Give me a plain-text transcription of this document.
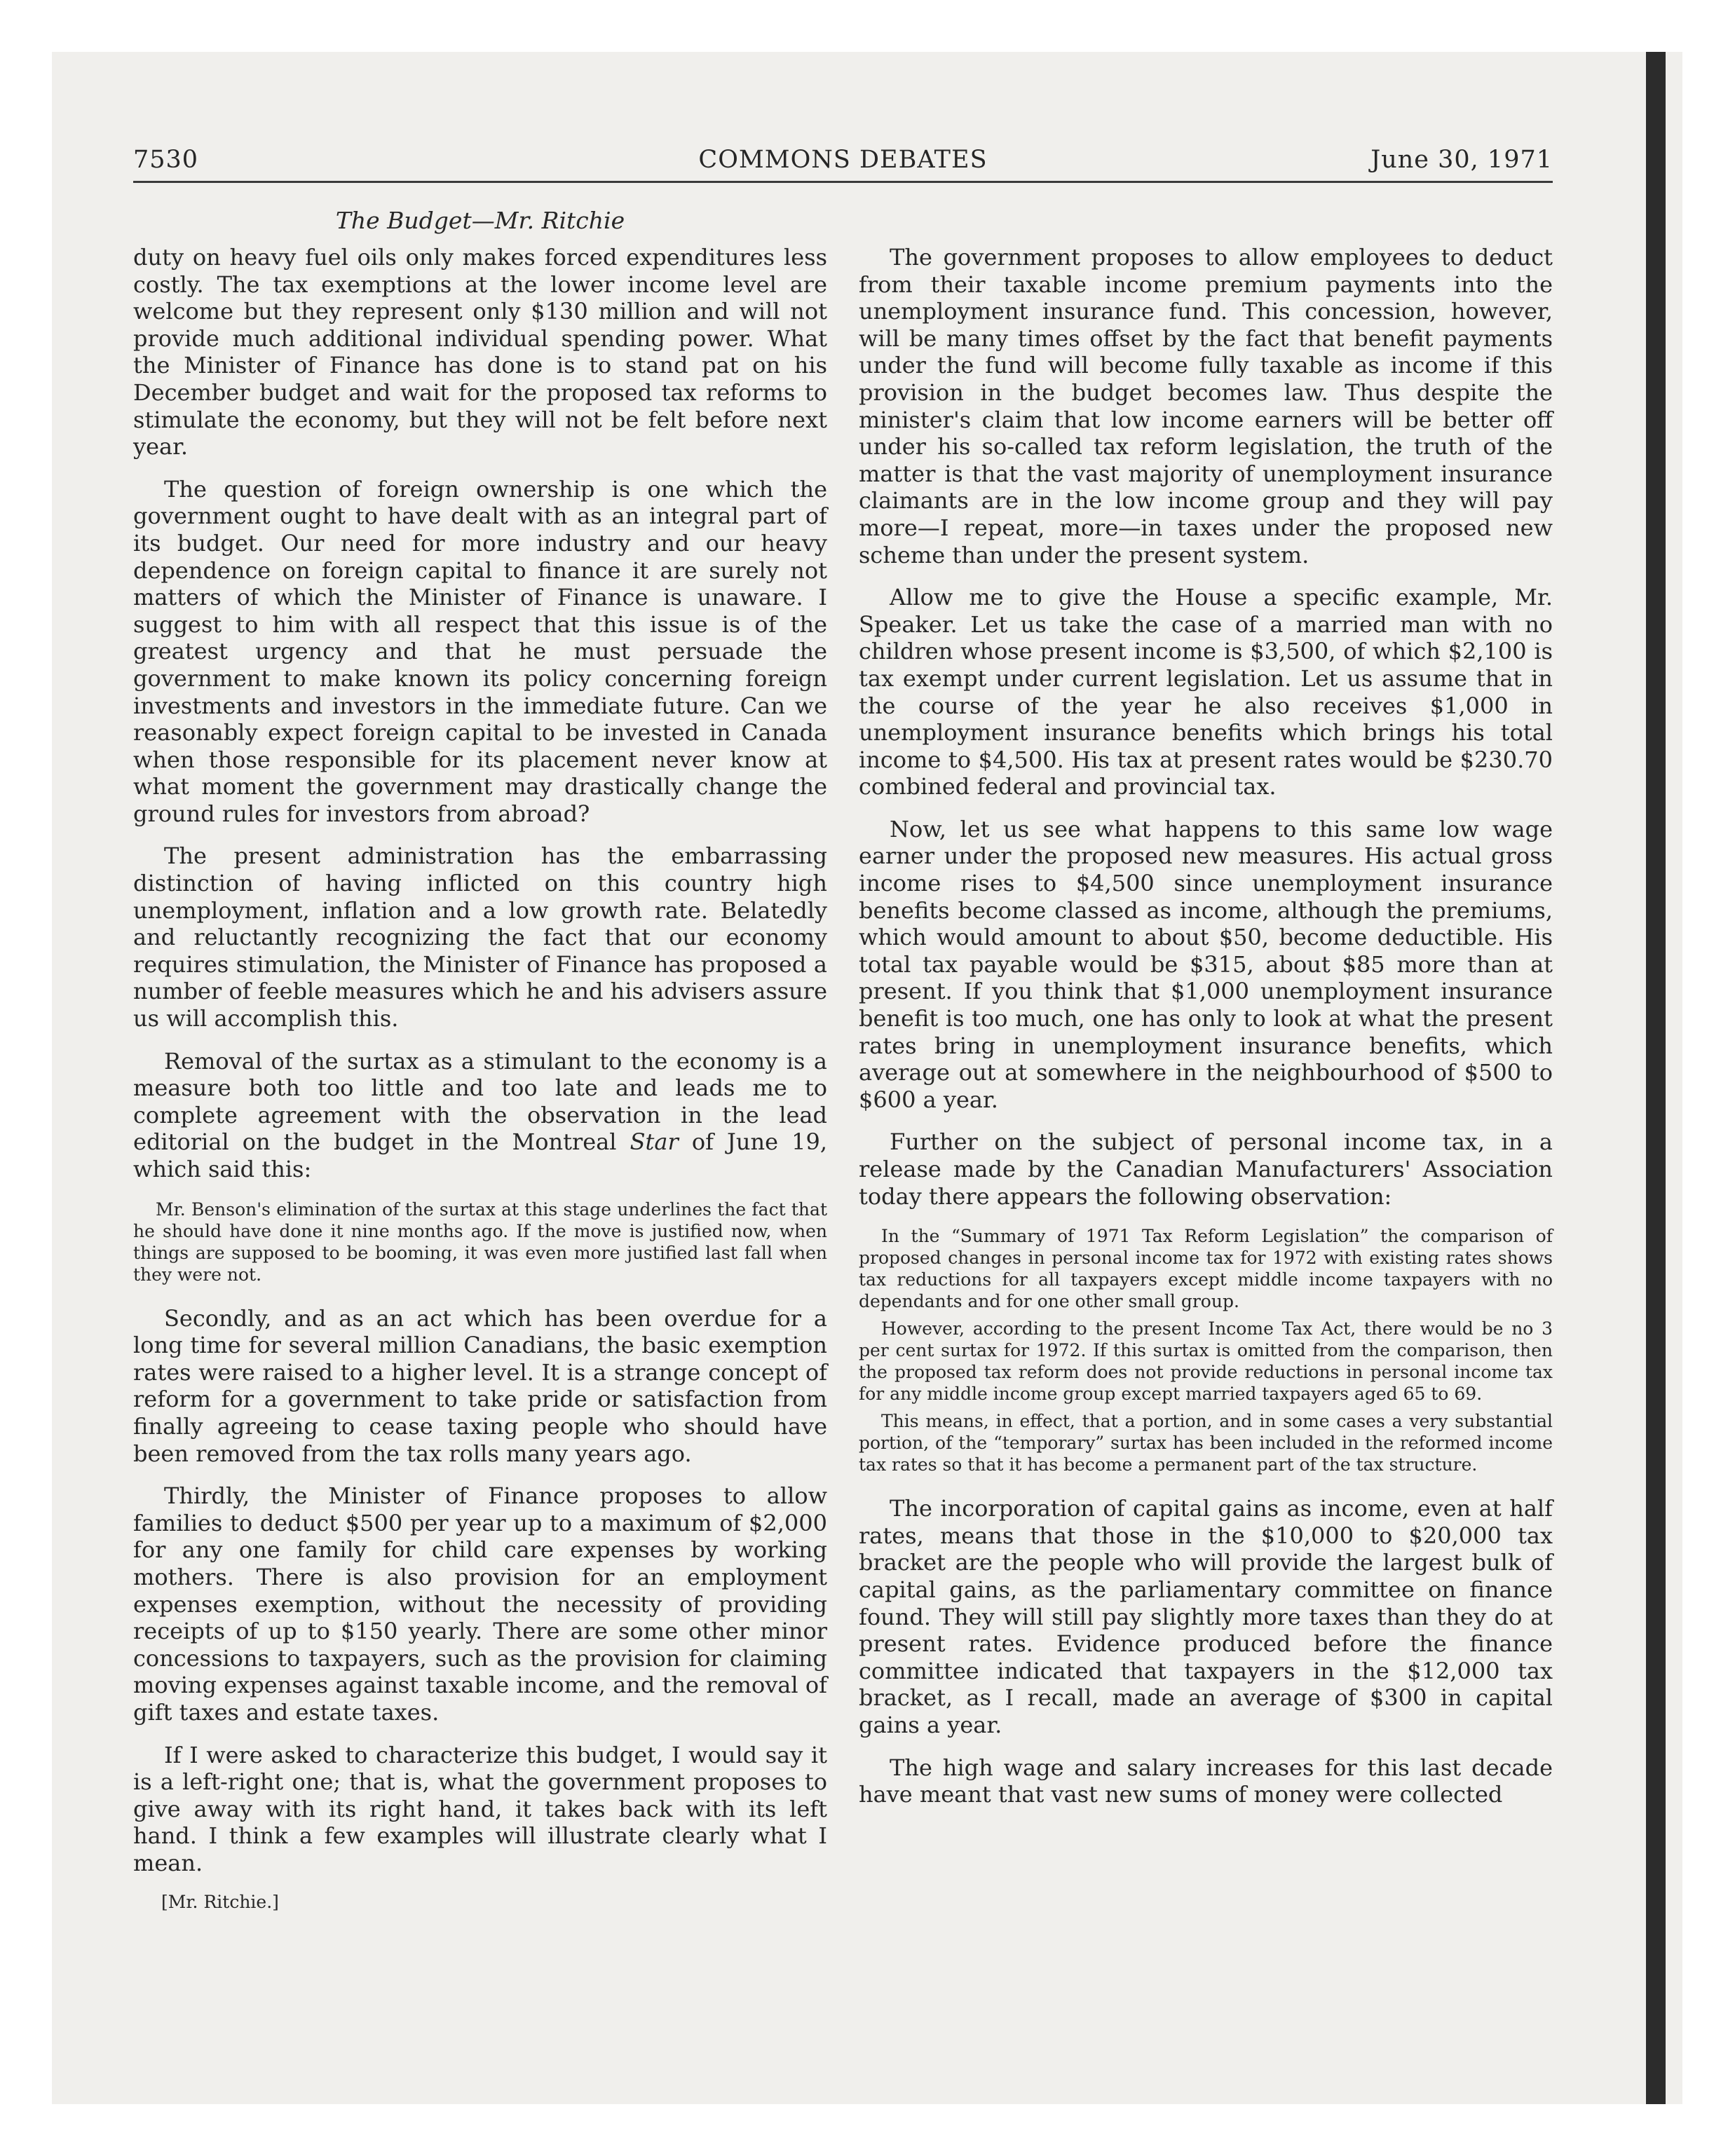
7530	COMMONS DEBATES	June 30, 1971
The Budget—Mr. Ritchie

duty on heavy fuel oils only makes forced expenditures less costly. The tax exemptions at the lower income level are welcome but they represent only $130 million and will not provide much additional individual spending power. What the Minister of Finance has done is to stand pat on his December budget and wait for the proposed tax reforms to stimulate the economy, but they will not be felt before next year.

The question of foreign ownership is one which the government ought to have dealt with as an integral part of its budget. Our need for more industry and our heavy dependence on foreign capital to finance it are surely not matters of which the Minister of Finance is unaware. I suggest to him with all respect that this issue is of the greatest urgency and that he must persuade the government to make known its policy concerning foreign investments and investors in the immediate future. Can we reasonably expect foreign capital to be invested in Canada when those responsible for its placement never know at what moment the government may drastically change the ground rules for investors from abroad?

The present administration has the embarrassing distinction of having inflicted on this country high unemployment, inflation and a low growth rate. Belatedly and reluctantly recognizing the fact that our economy requires stimulation, the Minister of Finance has proposed a number of feeble measures which he and his advisers assure us will accomplish this.

Removal of the surtax as a stimulant to the economy is a measure both too little and too late and leads me to complete agreement with the observation in the lead editorial on the budget in the Montreal Star of June 19, which said this:

Mr. Benson's elimination of the surtax at this stage underlines the fact that he should have done it nine months ago. If the move is justified now, when things are supposed to be booming, it was even more justified last fall when they were not.

Secondly, and as an act which has been overdue for a long time for several million Canadians, the basic exemption rates were raised to a higher level. It is a strange concept of reform for a government to take pride or satisfaction from finally agreeing to cease taxing people who should have been removed from the tax rolls many years ago.

Thirdly, the Minister of Finance proposes to allow families to deduct $500 per year up to a maximum of $2,000 for any one family for child care expenses by working mothers. There is also provision for an employment expenses exemption, without the necessity of providing receipts of up to $150 yearly. There are some other minor concessions to taxpayers, such as the provision for claiming moving expenses against taxable income, and the removal of gift taxes and estate taxes.

If I were asked to characterize this budget, I would say it is a left-right one; that is, what the government proposes to give away with its right hand, it takes back with its left hand. I think a few examples will illustrate clearly what I mean.

[Mr. Ritchie.]

The government proposes to allow employees to deduct from their taxable income premium payments into the unemployment insurance fund. This concession, however, will be many times offset by the fact that benefit payments under the fund will become fully taxable as income if this provision in the budget becomes law. Thus despite the minister's claim that low income earners will be better off under his so-called tax reform legislation, the truth of the matter is that the vast majority of unemployment insurance claimants are in the low income group and they will pay more—I repeat, more—in taxes under the proposed new scheme than under the present system.

Allow me to give the House a specific example, Mr. Speaker. Let us take the case of a married man with no children whose present income is $3,500, of which $2,100 is tax exempt under current legislation. Let us assume that in the course of the year he also receives $1,000 in unemployment insurance benefits which brings his total income to $4,500. His tax at present rates would be $230.70 combined federal and provincial tax.

Now, let us see what happens to this same low wage earner under the proposed new measures. His actual gross income rises to $4,500 since unemployment insurance benefits become classed as income, although the premiums, which would amount to about $50, become deductible. His total tax payable would be $315, about $85 more than at present. If you think that $1,000 unemployment insurance benefit is too much, one has only to look at what the present rates bring in unemployment insurance benefits, which average out at somewhere in the neighbourhood of $500 to $600 a year.

Further on the subject of personal income tax, in a release made by the Canadian Manufacturers' Association today there appears the following observation:

In the “Summary of 1971 Tax Reform Legislation” the comparison of proposed changes in personal income tax for 1972 with existing rates shows tax reductions for all taxpayers except middle income taxpayers with no dependants and for one other small group.

However, according to the present Income Tax Act, there would be no 3 per cent surtax for 1972. If this surtax is omitted from the comparison, then the proposed tax reform does not provide reductions in personal income tax for any middle income group except married taxpayers aged 65 to 69.

This means, in effect, that a portion, and in some cases a very substantial portion, of the “temporary” surtax has been included in the reformed income tax rates so that it has become a permanent part of the tax structure.

The incorporation of capital gains as income, even at half rates, means that those in the $10,000 to $20,000 tax bracket are the people who will provide the largest bulk of capital gains, as the parliamentary committee on finance found. They will still pay slightly more taxes than they do at present rates. Evidence produced before the finance committee indicated that taxpayers in the $12,000 tax bracket, as I recall, made an average of $300 in capital gains a year.

The high wage and salary increases for this last decade have meant that vast new sums of money were collected
